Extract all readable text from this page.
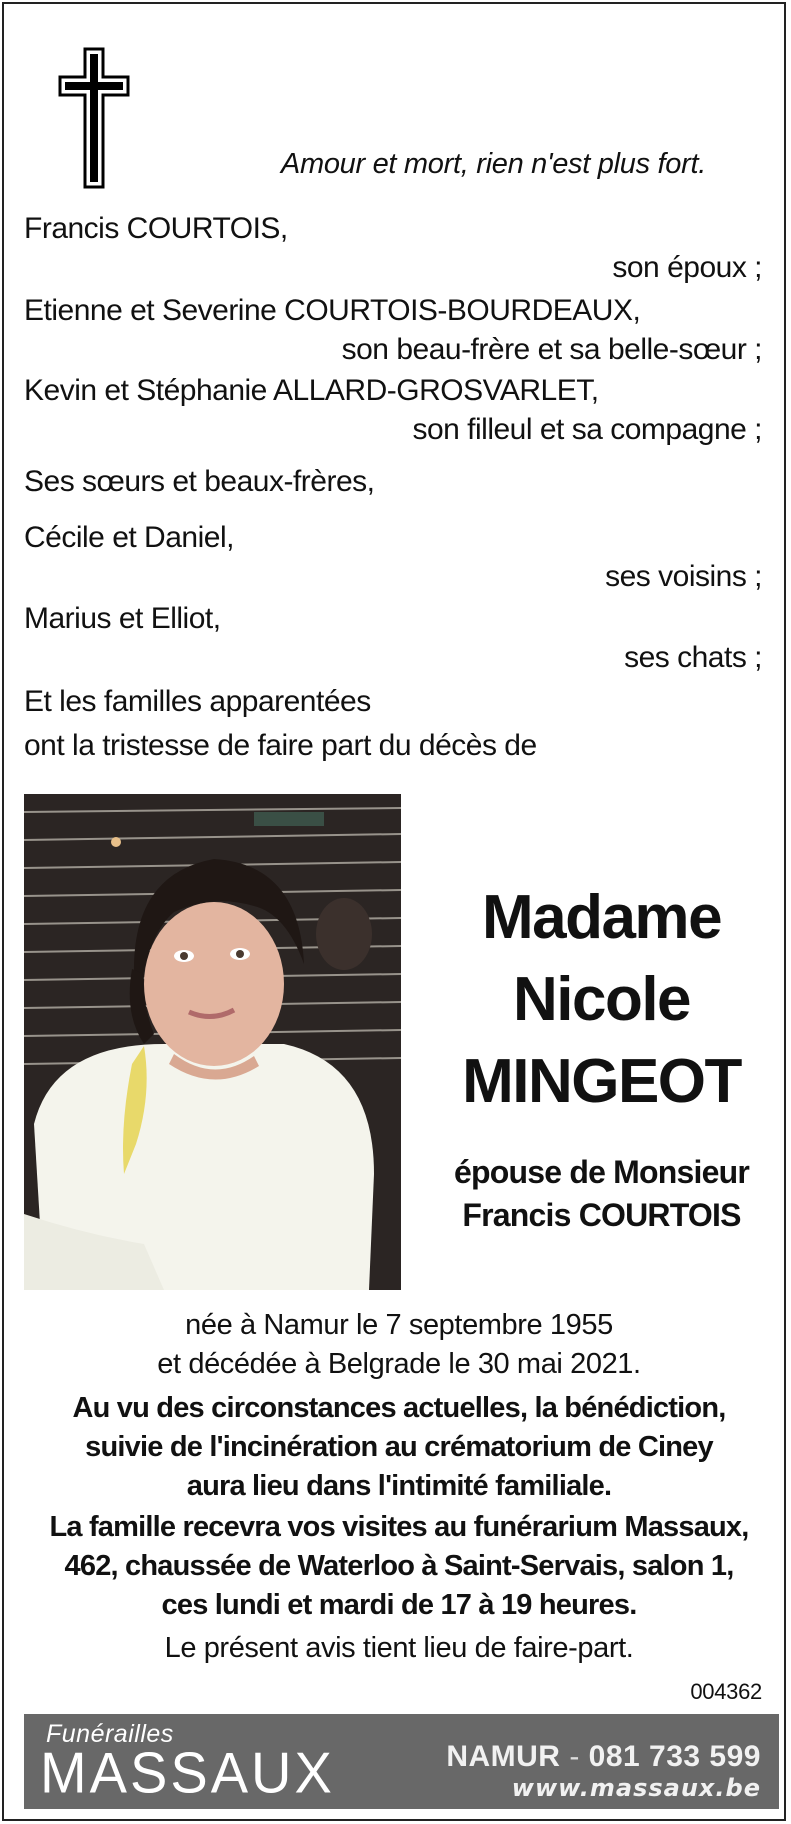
Amour et mort, rien n'est plus fort.
Francis COURTOIS,
son époux ;
Etienne et Severine COURTOIS-BOURDEAUX,
son beau-frère et sa belle-sœur ;
Kevin et Stéphanie ALLARD-GROSVARLET,
son filleul et sa compagne ;
Ses sœurs et beaux-frères,
Cécile et Daniel,
ses voisins ;
Marius et Elliot,
ses chats ;
Et les familles apparentées
ont la tristesse de faire part du décès de
Madame
Nicole
MINGEOT
épouse de Monsieur
Francis COURTOIS
née à Namur le 7 septembre 1955
et décédée à Belgrade le 30 mai 2021.
Au vu des circonstances actuelles, la bénédiction,
suivie de l'incinération au crématorium de Ciney
aura lieu dans l'intimité familiale.
La famille recevra vos visites au funérarium Massaux,
462, chaussée de Waterloo à Saint-Servais, salon 1,
ces lundi et mardi de 17 à 19 heures.
Le présent avis tient lieu de faire-part.
004362
Funérailles
MASSAUX	NAMUR - 081 733 599
www.massaux.be
